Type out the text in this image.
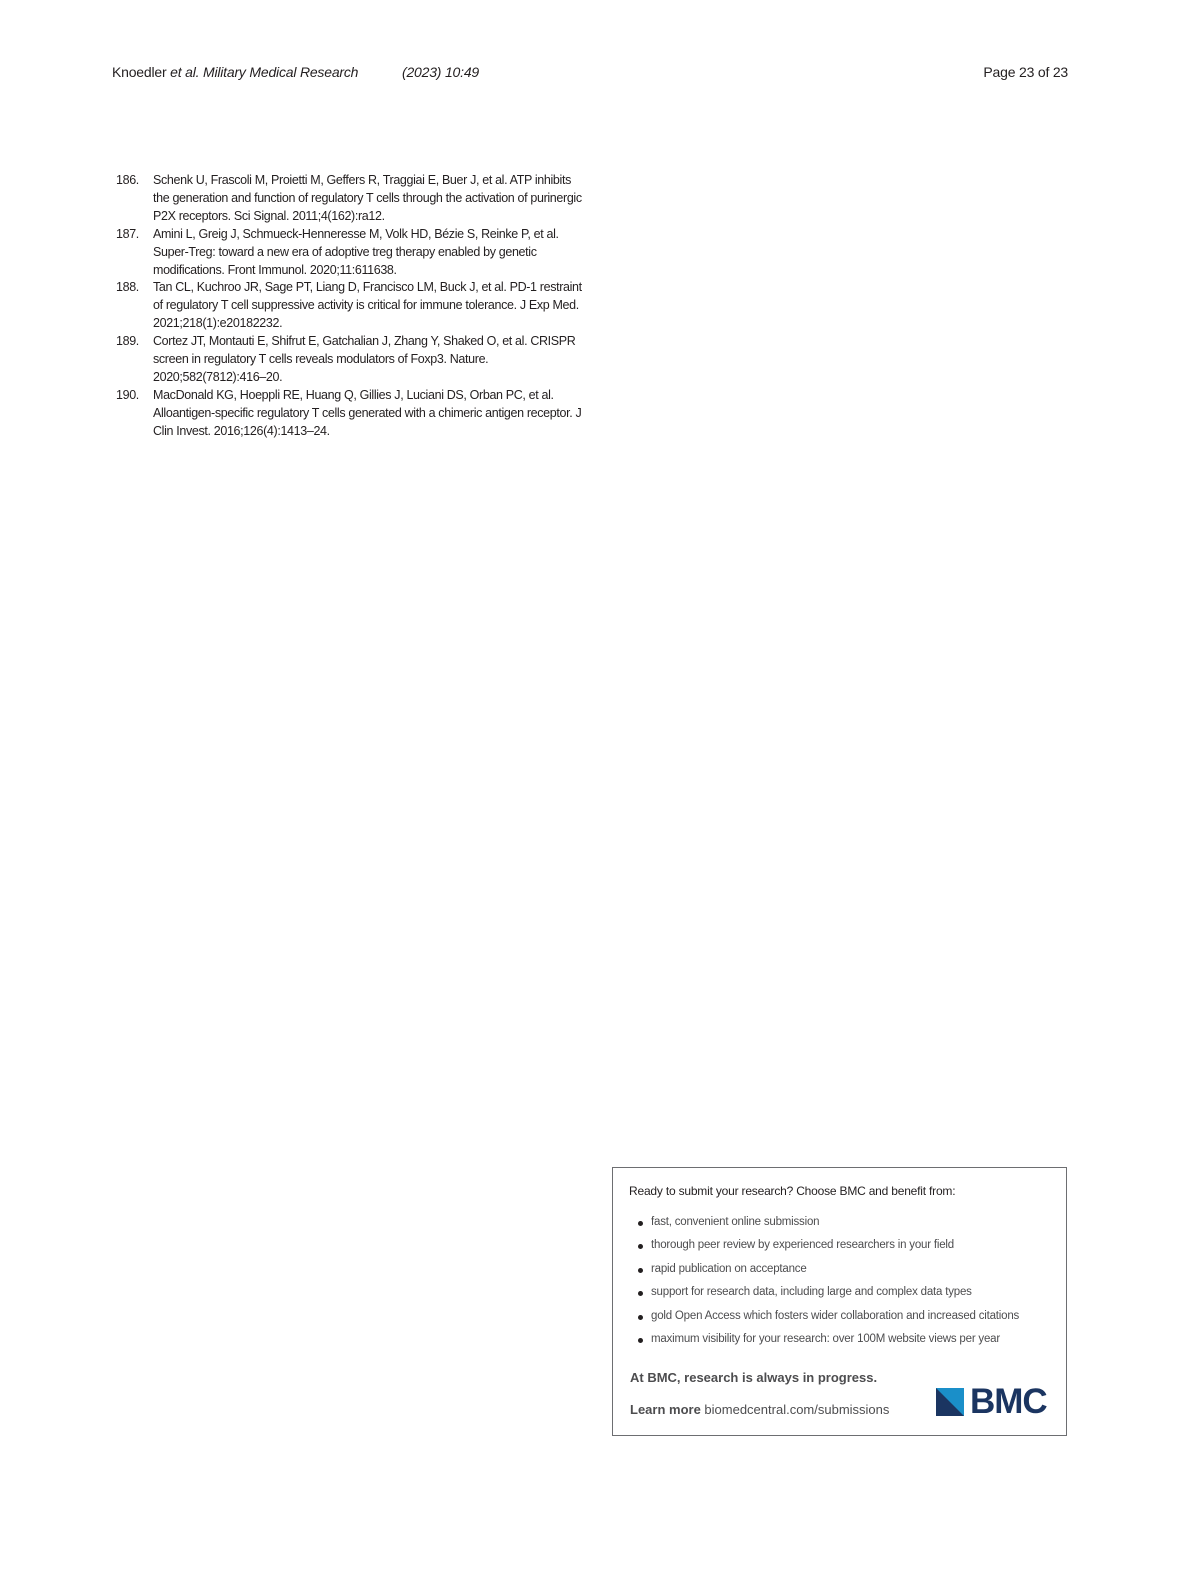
Knoedler et al. Military Medical Research	(2023) 10:49	Page 23 of 23
186. Schenk U, Frascoli M, Proietti M, Geffers R, Traggiai E, Buer J, et al. ATP inhibits the generation and function of regulatory T cells through the activation of purinergic P2X receptors. Sci Signal. 2011;4(162):ra12.
187. Amini L, Greig J, Schmueck-Henneresse M, Volk HD, Bézie S, Reinke P, et al. Super-Treg: toward a new era of adoptive treg therapy enabled by genetic modifications. Front Immunol. 2020;11:611638.
188. Tan CL, Kuchroo JR, Sage PT, Liang D, Francisco LM, Buck J, et al. PD-1 restraint of regulatory T cell suppressive activity is critical for immune tolerance. J Exp Med. 2021;218(1):e20182232.
189. Cortez JT, Montauti E, Shifrut E, Gatchalian J, Zhang Y, Shaked O, et al. CRISPR screen in regulatory T cells reveals modulators of Foxp3. Nature. 2020;582(7812):416–20.
190. MacDonald KG, Hoeppli RE, Huang Q, Gillies J, Luciani DS, Orban PC, et al. Alloantigen-specific regulatory T cells generated with a chimeric antigen receptor. J Clin Invest. 2016;126(4):1413–24.
Ready to submit your research? Choose BMC and benefit from:
fast, convenient online submission
thorough peer review by experienced researchers in your field
rapid publication on acceptance
support for research data, including large and complex data types
gold Open Access which fosters wider collaboration and increased citations
maximum visibility for your research: over 100M website views per year
At BMC, research is always in progress.
Learn more biomedcentral.com/submissions BMC
